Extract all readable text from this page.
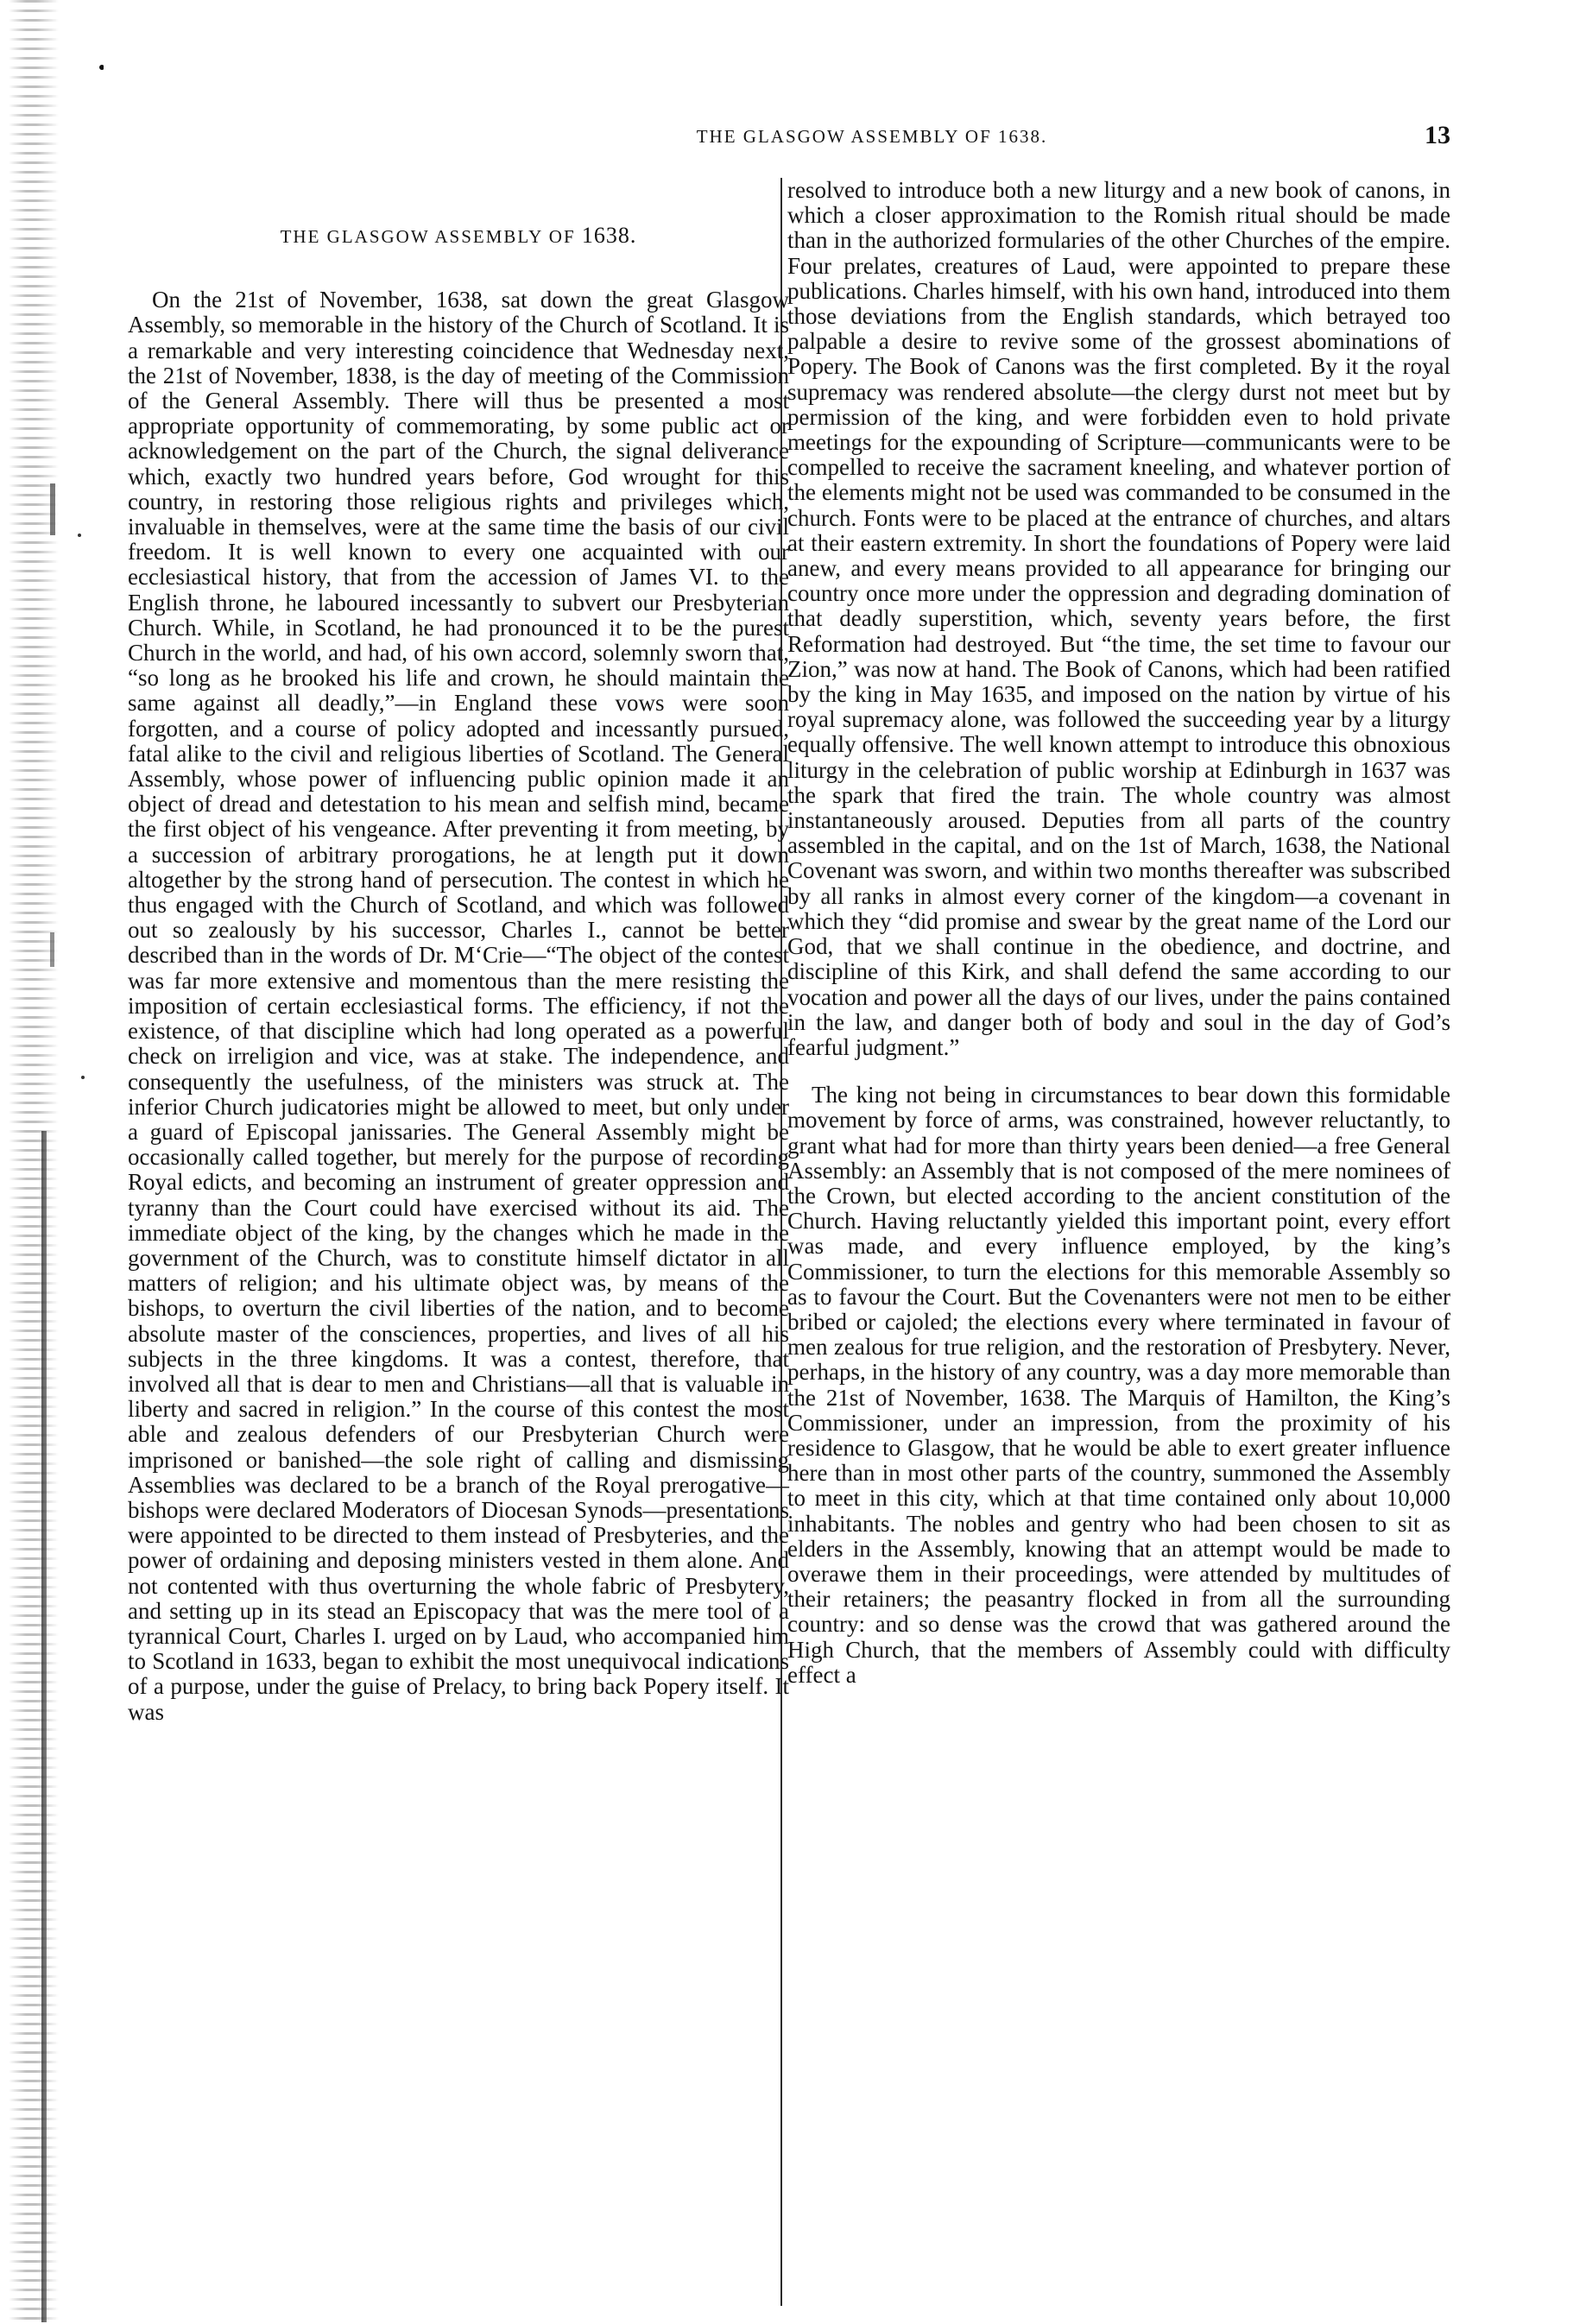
THE GLASGOW ASSEMBLY OF 1638.	13
THE GLASGOW ASSEMBLY OF 1638.

On the 21st of November, 1638, sat down the great Glasgow Assembly, so memorable in the history of the Church of Scotland. It is a remarkable and very interesting coincidence that Wednesday next, the 21st of November, 1838, is the day of meeting of the Commission of the General Assembly. There will thus be presented a most appropriate opportunity of commemorating, by some public act or acknowledgement on the part of the Church, the signal deliverance which, exactly two hundred years before, God wrought for this country, in restoring those religious rights and privileges which, invaluable in themselves, were at the same time the basis of our civil freedom. It is well known to every one acquainted with our ecclesiastical history, that from the accession of James VI. to the English throne, he laboured incessantly to subvert our Presbyterian Church. While, in Scotland, he had pronounced it to be the purest Church in the world, and had, of his own accord, solemnly sworn that, “so long as he brooked his life and crown, he should maintain the same against all deadly,”—in England these vows were soon forgotten, and a course of policy adopted and incessantly pursued, fatal alike to the civil and religious liberties of Scotland. The General Assembly, whose power of influencing public opinion made it an object of dread and detestation to his mean and selfish mind, became the first object of his vengeance. After preventing it from meeting, by a succession of arbitrary prorogations, he at length put it down altogether by the strong hand of persecution. The contest in which he thus engaged with the Church of Scotland, and which was followed out so zealously by his successor, Charles I., cannot be better described than in the words of Dr. M‘Crie—“The object of the contest was far more extensive and momentous than the mere resisting the imposition of certain ecclesiastical forms. The efficiency, if not the existence, of that discipline which had long operated as a powerful check on irreligion and vice, was at stake. The independence, and consequently the usefulness, of the ministers was struck at. The inferior Church judicatories might be allowed to meet, but only under a guard of Episcopal janissaries. The General Assembly might be occasionally called together, but merely for the purpose of recording Royal edicts, and becoming an instrument of greater oppression and tyranny than the Court could have exercised without its aid. The immediate object of the king, by the changes which he made in the government of the Church, was to constitute himself dictator in all matters of religion; and his ultimate object was, by means of the bishops, to overturn the civil liberties of the nation, and to become absolute master of the consciences, properties, and lives of all his subjects in the three kingdoms. It was a contest, therefore, that involved all that is dear to men and Christians—all that is valuable in liberty and sacred in religion.” In the course of this contest the most able and zealous defenders of our Presbyterian Church were imprisoned or banished—the sole right of calling and dismissing Assemblies was declared to be a branch of the Royal prerogative—bishops were declared Moderators of Diocesan Synods—presentations were appointed to be directed to them instead of Presbyteries, and the power of ordaining and deposing ministers vested in them alone. And not contented with thus overturning the whole fabric of Presbytery, and setting up in its stead an Episcopacy that was the mere tool of a tyrannical Court, Charles I. urged on by Laud, who accompanied him to Scotland in 1633, began to exhibit the most unequivocal indications of a purpose, under the guise of Prelacy, to bring back Popery itself. It was

resolved to introduce both a new liturgy and a new book of canons, in which a closer approximation to the Romish ritual should be made than in the authorized formularies of the other Churches of the empire. Four prelates, creatures of Laud, were appointed to prepare these publications. Charles himself, with his own hand, introduced into them those deviations from the English standards, which betrayed too palpable a desire to revive some of the grossest abominations of Popery. The Book of Canons was the first completed. By it the royal supremacy was rendered absolute—the clergy durst not meet but by permission of the king, and were forbidden even to hold private meetings for the expounding of Scripture—communicants were to be compelled to receive the sacrament kneeling, and whatever portion of the elements might not be used was commanded to be consumed in the church. Fonts were to be placed at the entrance of churches, and altars at their eastern extremity. In short the foundations of Popery were laid anew, and every means provided to all appearance for bringing our country once more under the oppression and degrading domination of that deadly superstition, which, seventy years before, the first Reformation had destroyed. But “the time, the set time to favour our Zion,” was now at hand. The Book of Canons, which had been ratified by the king in May 1635, and imposed on the nation by virtue of his royal supremacy alone, was followed the succeeding year by a liturgy equally offensive. The well known attempt to introduce this obnoxious liturgy in the celebration of public worship at Edinburgh in 1637 was the spark that fired the train. The whole country was almost instantaneously aroused. Deputies from all parts of the country assembled in the capital, and on the 1st of March, 1638, the National Covenant was sworn, and within two months thereafter was subscribed by all ranks in almost every corner of the kingdom—a covenant in which they “did promise and swear by the great name of the Lord our God, that we shall continue in the obedience, and doctrine, and discipline of this Kirk, and shall defend the same according to our vocation and power all the days of our lives, under the pains contained in the law, and danger both of body and soul in the day of God’s fearful judgment.”

The king not being in circumstances to bear down this formidable movement by force of arms, was constrained, however reluctantly, to grant what had for more than thirty years been denied—a free General Assembly: an Assembly that is not composed of the mere nominees of the Crown, but elected according to the ancient constitution of the Church. Having reluctantly yielded this important point, every effort was made, and every influence employed, by the king’s Commissioner, to turn the elections for this memorable Assembly so as to favour the Court. But the Covenanters were not men to be either bribed or cajoled; the elections every where terminated in favour of men zealous for true religion, and the restoration of Presbytery. Never, perhaps, in the history of any country, was a day more memorable than the 21st of November, 1638. The Marquis of Hamilton, the King’s Commissioner, under an impression, from the proximity of his residence to Glasgow, that he would be able to exert greater influence here than in most other parts of the country, summoned the Assembly to meet in this city, which at that time contained only about 10,000 inhabitants. The nobles and gentry who had been chosen to sit as elders in the Assembly, knowing that an attempt would be made to overawe them in their proceedings, were attended by multitudes of their retainers; the peasantry flocked in from all the surrounding country: and so dense was the crowd that was gathered around the High Church, that the members of Assembly could with difficulty effect a
